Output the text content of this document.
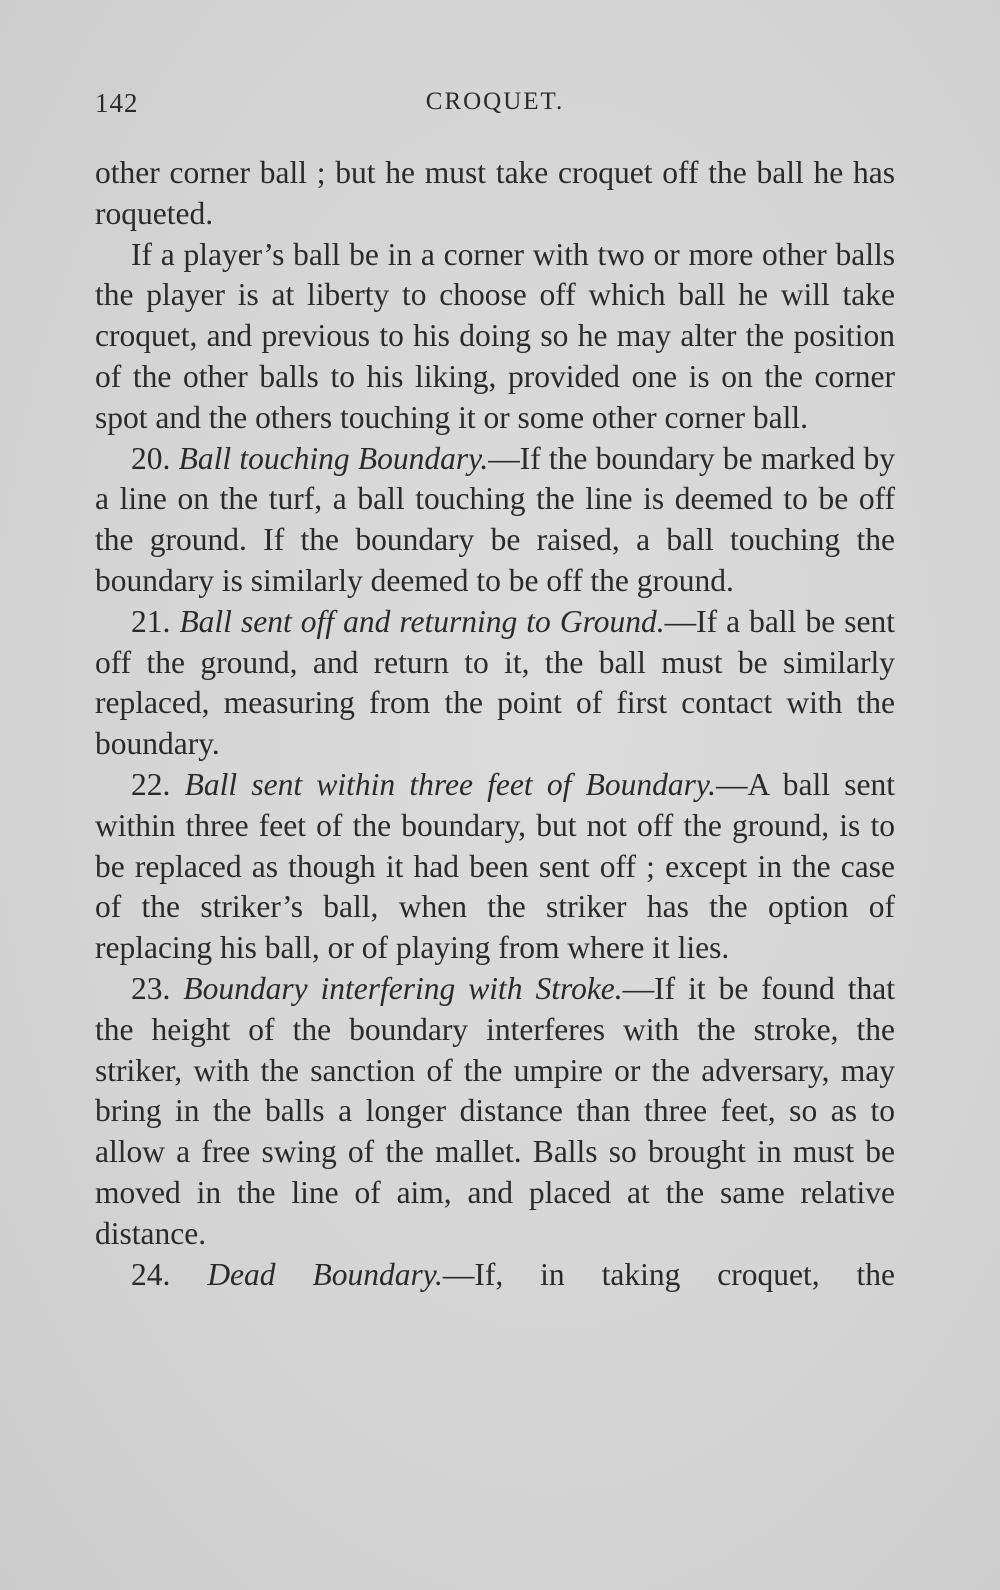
142	CROQUET.

other corner ball ; but he must take croquet off the ball he has roqueted.

If a player’s ball be in a corner with two or more other balls the player is at liberty to choose off which ball he will take croquet, and previous to his doing so he may alter the position of the other balls to his liking, provided one is on the corner spot and the others touching it or some other corner ball.

20. Ball touching Boundary.—If the boundary be marked by a line on the turf, a ball touching the line is deemed to be off the ground. If the boundary be raised, a ball touching the boundary is similarly deemed to be off the ground.

21. Ball sent off and returning to Ground.—If a ball be sent off the ground, and return to it, the ball must be similarly replaced, measuring from the point of first contact with the boundary.

22. Ball sent within three feet of Boundary.—A ball sent within three feet of the boundary, but not off the ground, is to be replaced as though it had been sent off ; except in the case of the striker’s ball, when the striker has the option of replacing his ball, or of playing from where it lies.

23. Boundary interfering with Stroke.—If it be found that the height of the boundary interferes with the stroke, the striker, with the sanction of the umpire or the adversary, may bring in the balls a longer distance than three feet, so as to allow a free swing of the mallet. Balls so brought in must be moved in the line of aim, and placed at the same relative distance.

24. Dead Boundary.—If, in taking croquet, the
